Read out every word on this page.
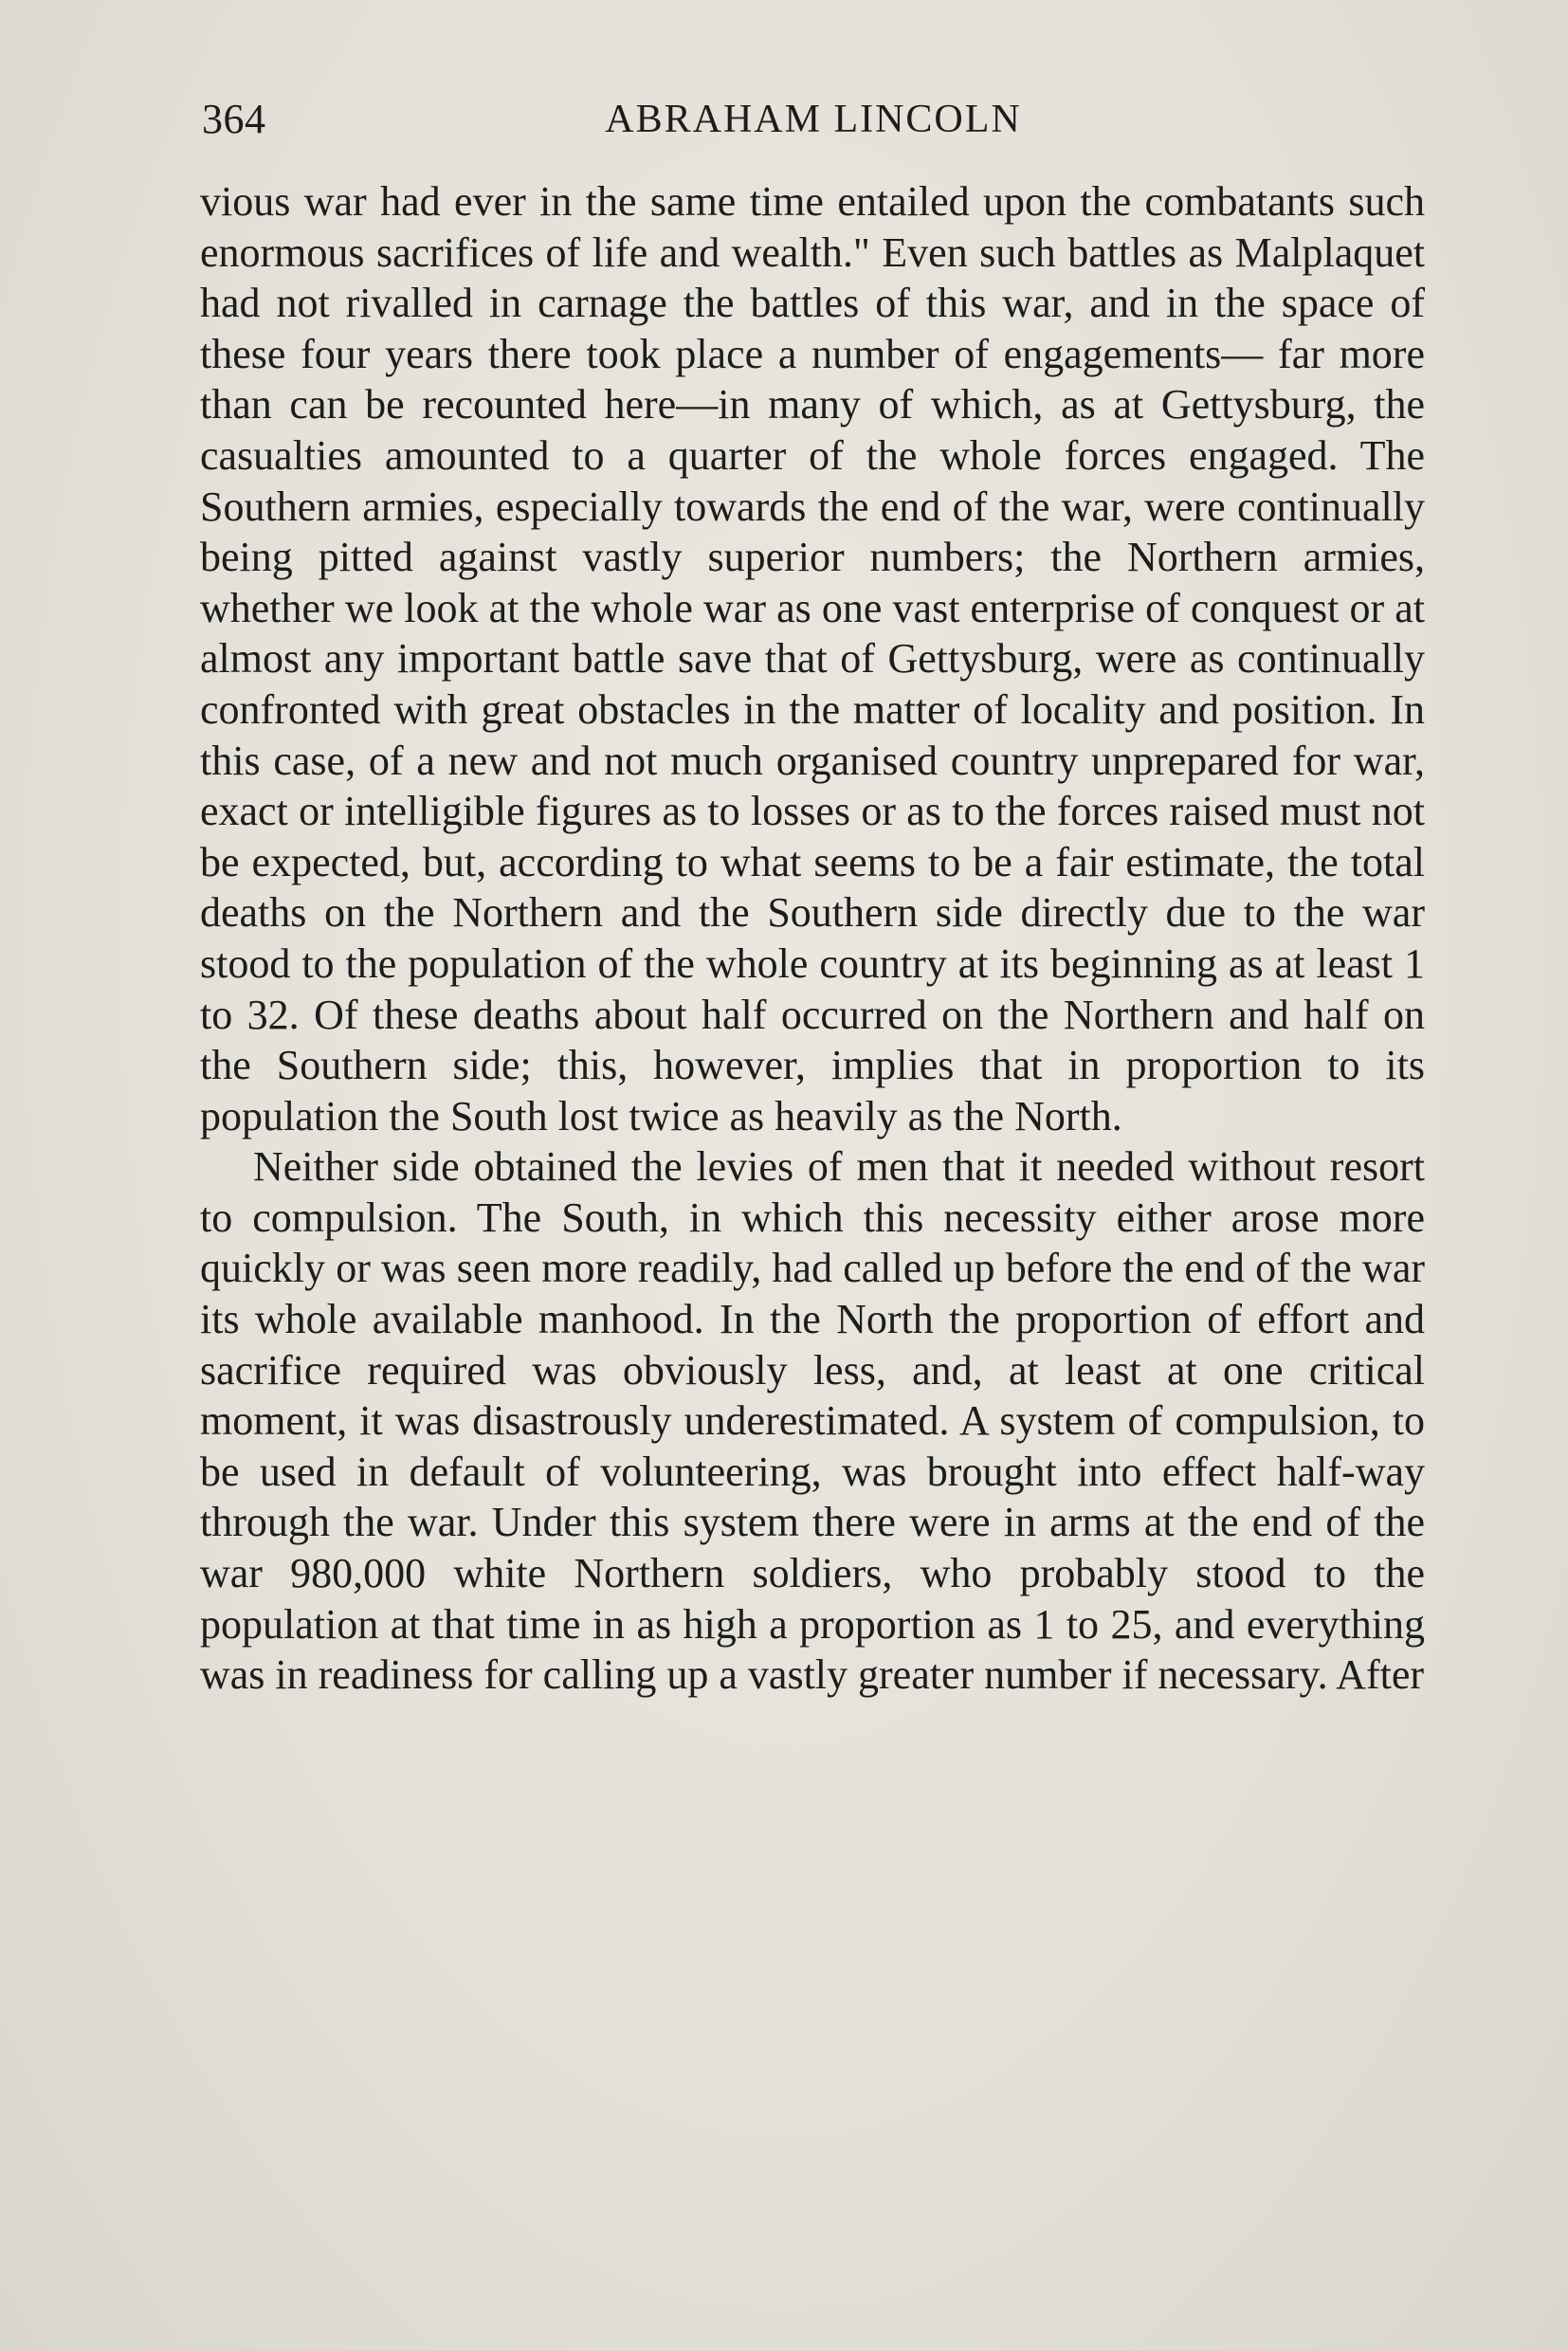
364	ABRAHAM LINCOLN

vious war had ever in the same time entailed upon the combatants such enormous sacrifices of life and wealth." Even such battles as Malplaquet had not rivalled in carnage the battles of this war, and in the space of these four years there took place a number of engagements— far more than can be recounted here—in many of which, as at Gettysburg, the casualties amounted to a quarter of the whole forces engaged. The Southern armies, especially towards the end of the war, were continually being pitted against vastly superior numbers; the Northern armies, whether we look at the whole war as one vast enterprise of conquest or at almost any important battle save that of Gettysburg, were as continually confronted with great obstacles in the matter of locality and position. In this case, of a new and not much organised country unprepared for war, exact or intelligible figures as to losses or as to the forces raised must not be expected, but, according to what seems to be a fair estimate, the total deaths on the Northern and the Southern side directly due to the war stood to the population of the whole country at its beginning as at least 1 to 32. Of these deaths about half occurred on the Northern and half on the Southern side; this, however, implies that in proportion to its population the South lost twice as heavily as the North.

Neither side obtained the levies of men that it needed without resort to compulsion. The South, in which this necessity either arose more quickly or was seen more readily, had called up before the end of the war its whole available manhood. In the North the proportion of effort and sacrifice required was obviously less, and, at least at one critical moment, it was disastrously underestimated. A system of compulsion, to be used in default of volunteering, was brought into effect half-way through the war. Under this system there were in arms at the end of the war 980,000 white Northern soldiers, who probably stood to the population at that time in as high a proportion as 1 to 25, and everything was in readiness for calling up a vastly greater number if necessary. After
